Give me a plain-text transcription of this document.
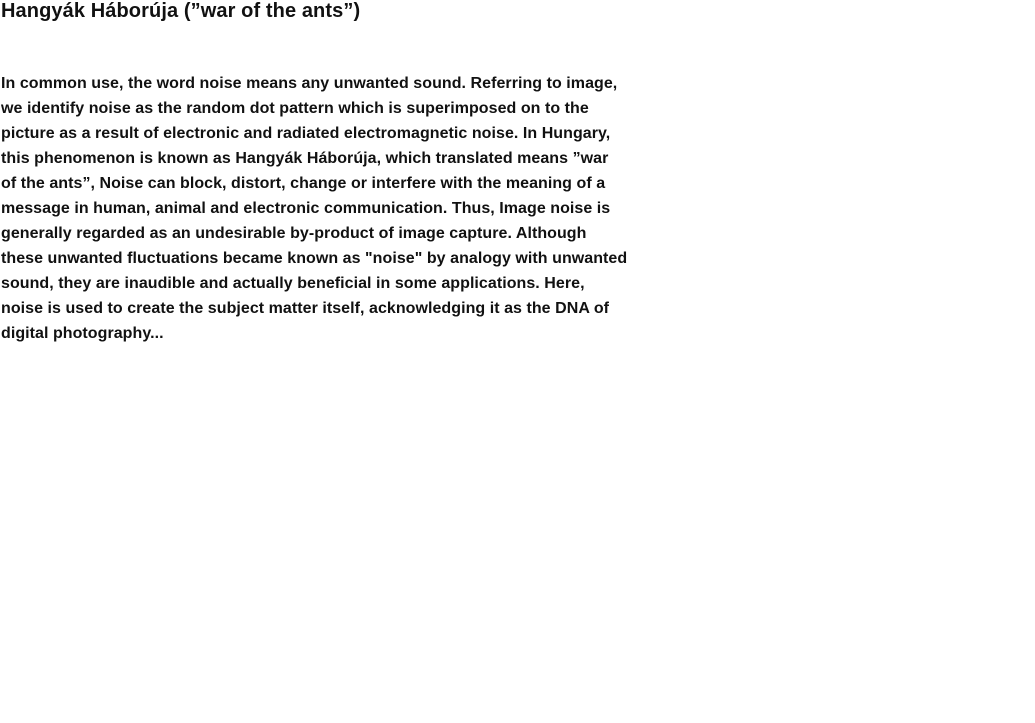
Hangyák Háborúja (”war of the ants”)
In common use, the word noise means any unwanted sound. Referring to image,
we identify noise as the random dot pattern which is superimposed on to the
picture as a result of electronic and radiated electromagnetic noise. In Hungary,
this phenomenon is known as Hangyák Háborúja, which translated means ”war
of the ants”, Noise can block, distort, change or interfere with the meaning of a
message in human, animal and electronic communication. Thus, Image noise is
generally regarded as an undesirable by-product of image capture. Although
these unwanted fluctuations became known as "noise" by analogy with unwanted
sound, they are inaudible and actually beneficial in some applications. Here,
noise is used to create the subject matter itself, acknowledging it as the DNA of
digital photography...
